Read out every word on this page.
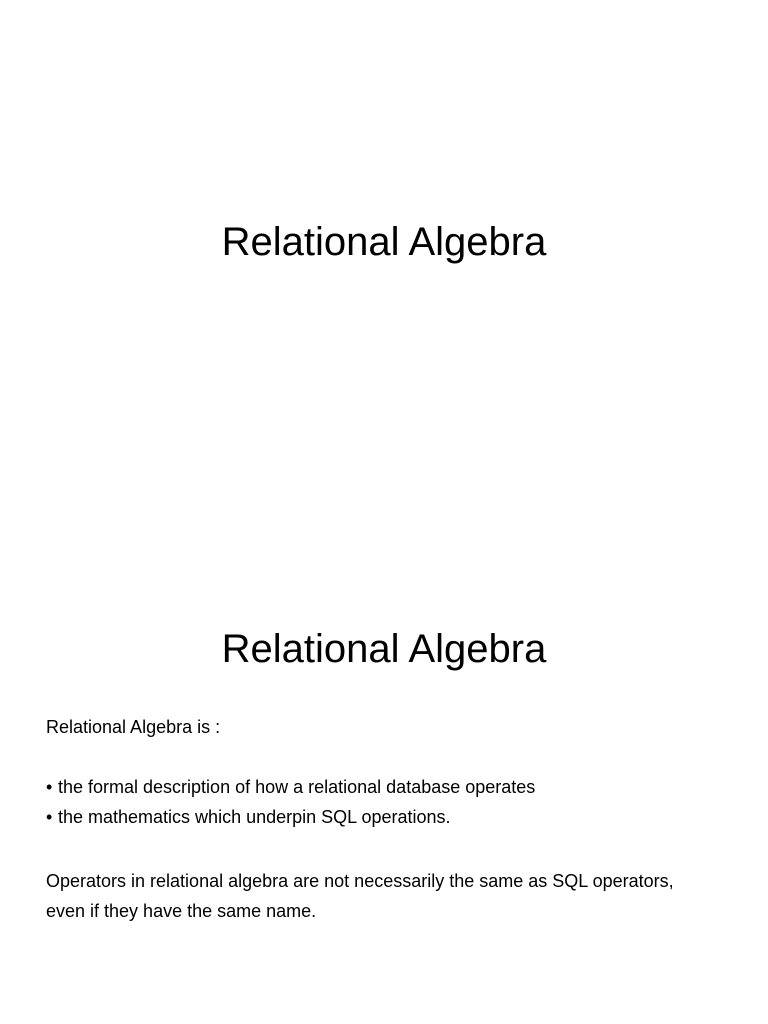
Relational Algebra
Relational Algebra

Relational Algebra is :

• the formal description of how a relational database operates
• the mathematics which underpin SQL operations.

Operators in relational algebra are not necessarily the same as SQL operators,

even if they have the same name.
